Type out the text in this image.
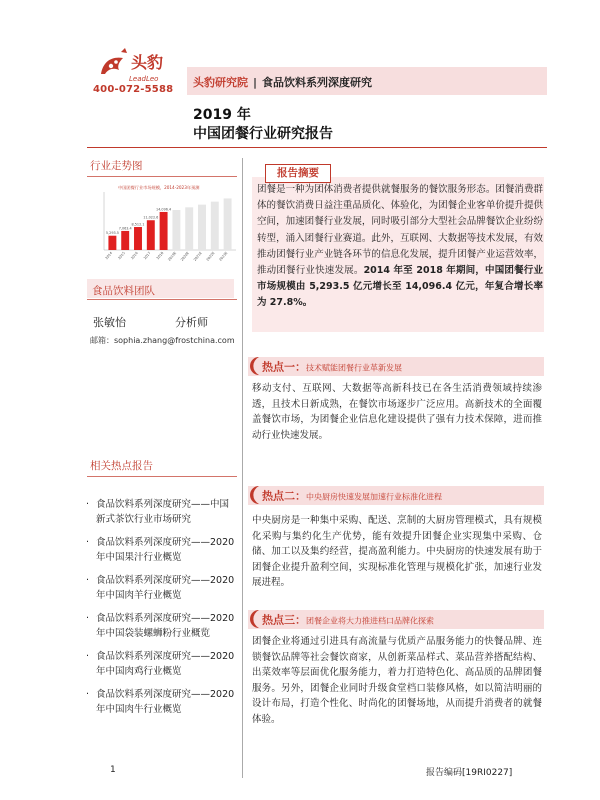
头豹
LeadLeo
400-072-5588
头豹研究院 | 食品饮料系列深度研究
2019 年
中国团餐行业研究报告
行业走势图
中国团餐行业市场规模，2014-2023年预测
5,293.5
2014
7,063.4
2015
8,512.1
2016
11,022.6
2017
14,096.4
2018 2019E 2020E 2021E 2022E 2023E
食品饮料团队
张敏怡	分析师
邮箱：sophia.zhang@frostchina.com
相关热点报告
· 食品饮料系列深度研究——中国新式茶饮行业市场研究
· 食品饮料系列深度研究——2020 年中国果汁行业概览
· 食品饮料系列深度研究——2020 年中国肉羊行业概览
· 食品饮料系列深度研究——2020 年中国袋装螺蛳粉行业概览
· 食品饮料系列深度研究——2020 年中国肉鸡行业概览
· 食品饮料系列深度研究——2020 年中国肉牛行业概览
报告摘要

团餐是一种为团体消费者提供就餐服务的餐饮服务形态。团餐消费群体的餐饮消费日益注重品质化、体验化，为团餐企业客单价提升提供空间，加速团餐行业发展，同时吸引部分大型社会品牌餐饮企业纷纷转型，涌入团餐行业赛道。此外，互联网、大数据等技术发展，有效推动团餐行业产业链各环节的信息化发展，提升团餐产业运营效率，推动团餐行业快速发展。2014 年至 2018 年期间，中国团餐行业市场规模由 5,293.5 亿元增长至 14,096.4 亿元，年复合增长率为 27.8%。

热点一：技术赋能团餐行业革新发展

移动支付、互联网、大数据等高新科技已在各生活消费领域持续渗透，且技术日新成熟，在餐饮市场逐步广泛应用。高新技术的全面覆盖餐饮市场，为团餐企业信息化建设提供了强有力技术保障，进而推动行业快速发展。

热点二：中央厨房快速发展加速行业标准化进程

中央厨房是一种集中采购、配送、烹制的大厨房管理模式，具有规模化采购与集约化生产优势，能有效提升团餐企业实现集中采购、仓储、加工以及集约经营，提高盈利能力。中央厨房的快速发展有助于团餐企业提升盈利空间，实现标准化管理与规模化扩张，加速行业发展进程。

热点三：团餐企业将大力推进档口品牌化探索

团餐企业将通过引进具有高流量与优质产品服务能力的快餐品牌、连锁餐饮品牌等社会餐饮商家，从创新菜品样式、菜品营养搭配结构、出菜效率等层面优化服务能力，着力打造特色化、高品质的品牌团餐服务。另外，团餐企业同时升级食堂档口装修风格，如以简洁明丽的设计布局，打造个性化、时尚化的团餐场地，从而提升消费者的就餐体验。

1	报告编码[19RI0227]
